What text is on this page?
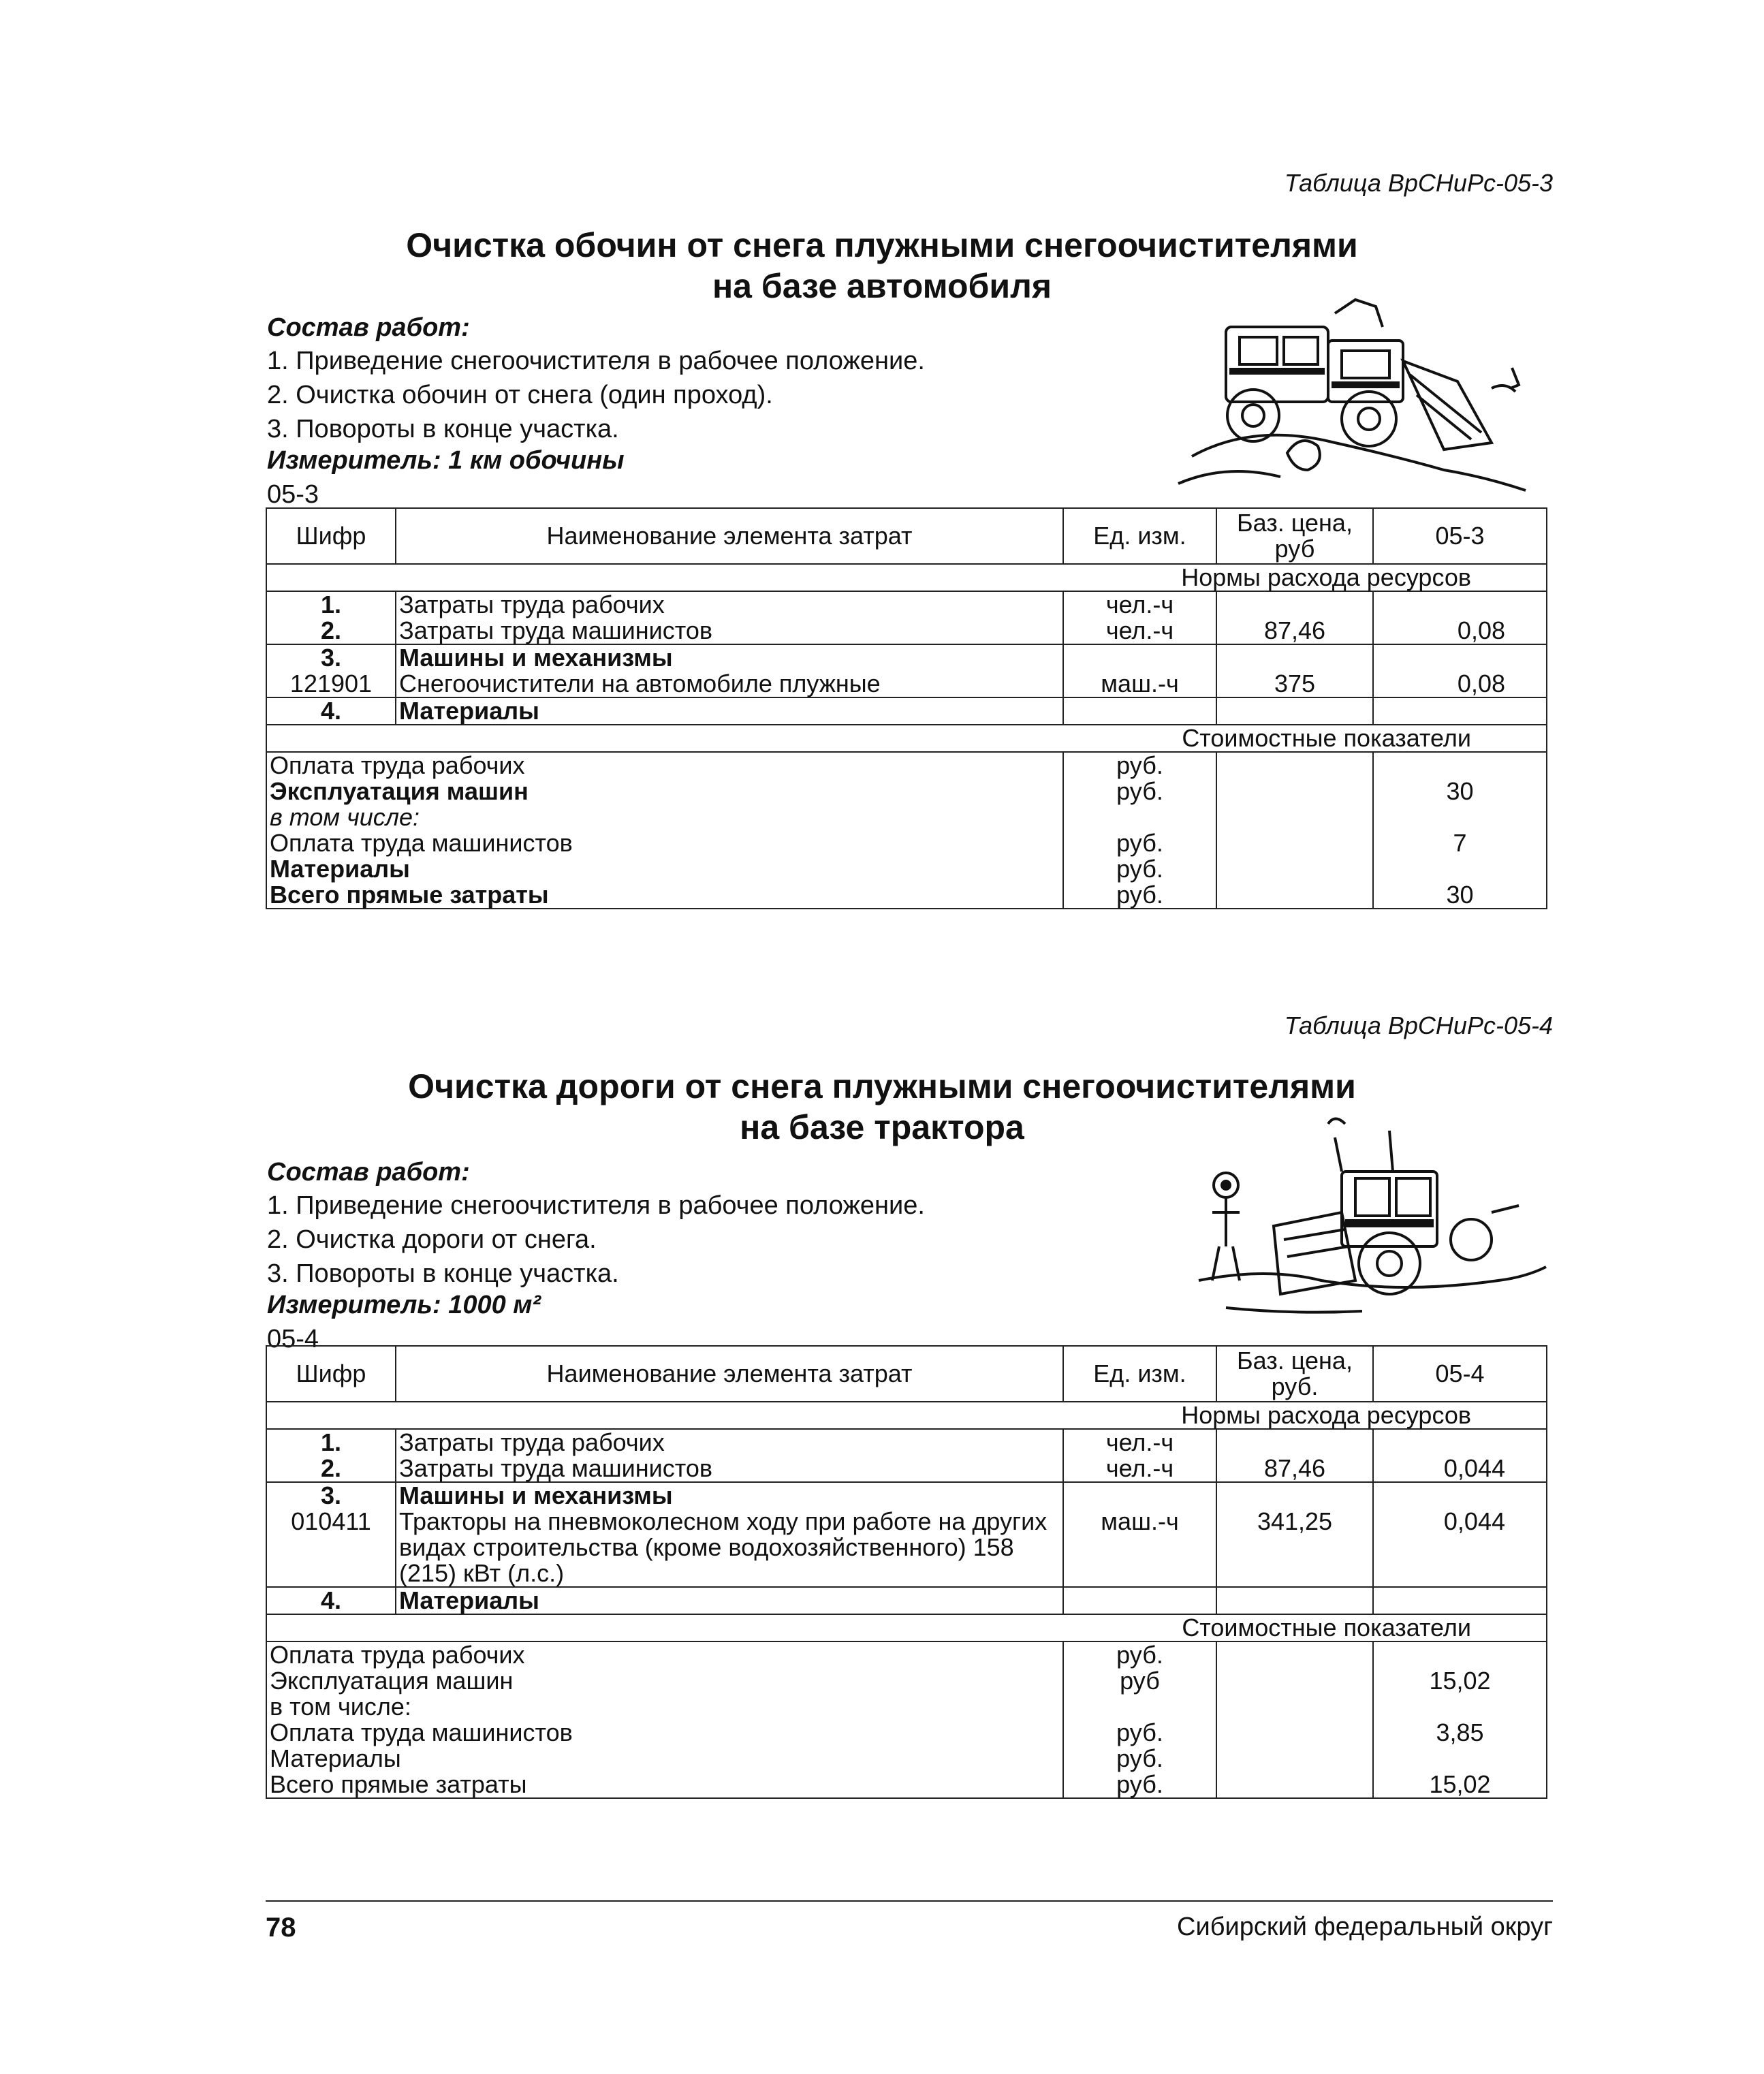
Таблица ВрСНиРс-05-3
Очистка обочин от снега плужными снегоочистителями
на базе автомобиля
Состав работ:
1. Приведение снегоочистителя в рабочее положение.
2. Очистка обочин от снега (один проход).
3. Повороты в конце участка.
Измеритель: 1 км обочины
05-3
Шифр	Наименование элемента затрат	Ед. изм.	Баз. цена, руб	05-3
Нормы расхода ресурсов				
1.	Затраты труда рабочих	чел.-ч		
2.	Затраты труда машинистов	чел.-ч	87,46	0,08
3.	Машины и механизмы			
121901	Снегоочистители на автомобиле плужные	маш.-ч	375	0,08
4.	Материалы			
Стоимостные показатели				
Оплата труда рабочих		руб.		
Эксплуатация машин		руб.		30
в том числе:				
Оплата труда машинистов		руб.		7
Материалы		руб.		
Всего прямые затраты		руб.		30
Таблица ВрСНиРс-05-4
Очистка дороги от снега плужными снегоочистителями
на базе трактора
Состав работ:
1. Приведение снегоочистителя в рабочее положение.
2. Очистка дороги от снега.
3. Повороты в конце участка.
Измеритель: 1000 м²
05-4
Шифр	Наименование элемента затрат	Ед. изм.	Баз. цена, руб.	05-4
Нормы расхода ресурсов				
1.	Затраты труда рабочих	чел.-ч		
2.	Затраты труда машинистов	чел.-ч	87,46	0,044
3.	Машины и механизмы			
010411	Тракторы на пневмоколесном ходу при работе на других видах строительства (кроме водохозяйственного) 158 (215) кВт (л.с.)	маш.-ч	341,25	0,044
4.	Материалы			
Стоимостные показатели				
Оплата труда рабочих		руб.		
Эксплуатация машин		руб		15,02
в том числе:				
Оплата труда машинистов		руб.		3,85
Материалы		руб.		
Всего прямые затраты		руб.		15,02
78	Сибирский федеральный округ
